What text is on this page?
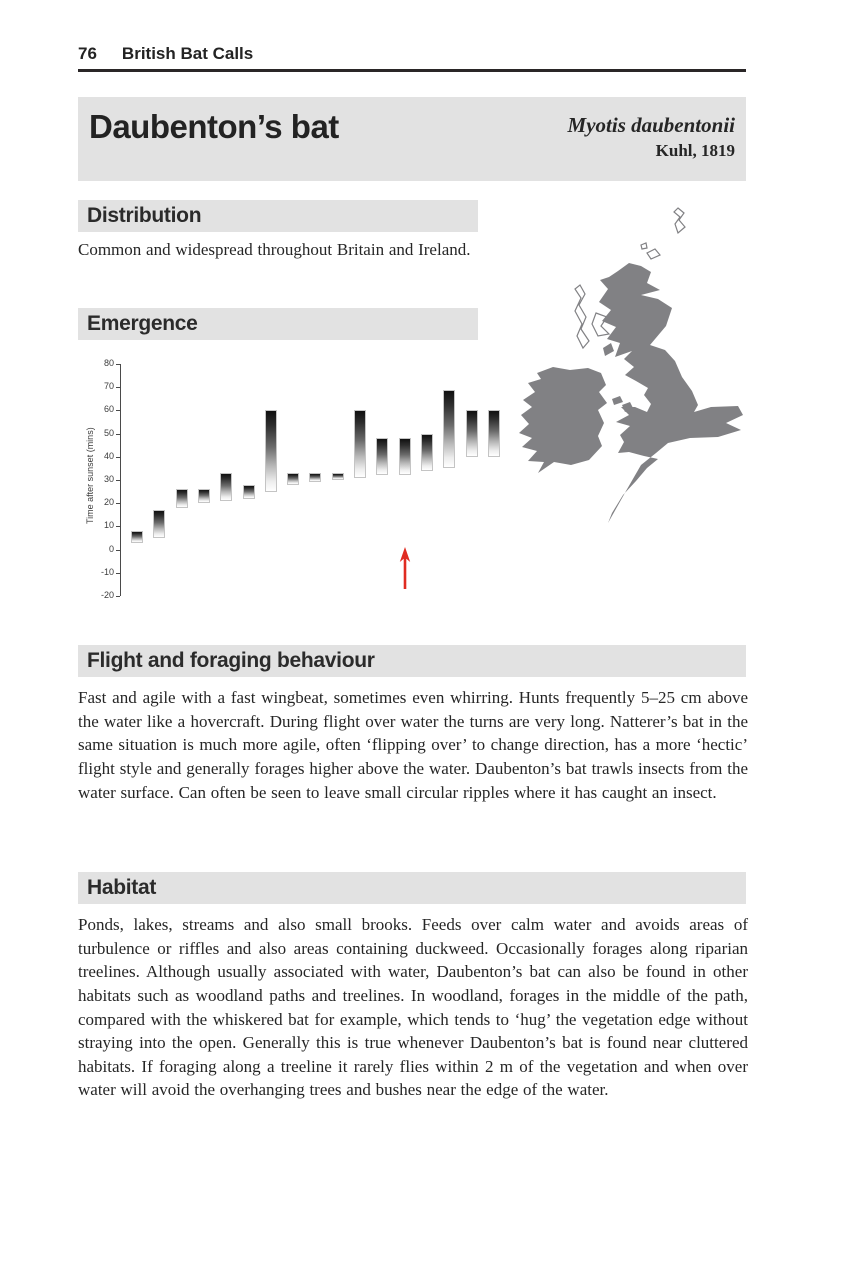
76 British Bat Calls
Daubenton’s bat	Myotis daubentonii
Kuhl, 1819
Distribution

Common and widespread throughout Britain and Ireland.

Emergence
Time after sunset (mins)
80
70
60
50
40
30
20
10
0
-10
-20
Flight and foraging behaviour

Fast and agile with a fast wingbeat, sometimes even whirring. Hunts frequently 5–25 cm above the water like a hovercraft. During flight over water the turns are very long. Natterer’s bat in the same situation is much more agile, often ‘flipping over’ to change direction, has a more ‘hectic’ flight style and generally forages higher above the water. Daubenton’s bat trawls insects from the water surface. Can often be seen to leave small circular ripples where it has caught an insect.

Habitat

Ponds, lakes, streams and also small brooks. Feeds over calm water and avoids areas of turbulence or riffles and also areas containing duckweed. Occasionally forages along riparian treelines. Although usually associated with water, Daubenton’s bat can also be found in other habitats such as woodland paths and treelines. In woodland, forages in the middle of the path, compared with the whiskered bat for example, which tends to ‘hug’ the vegetation edge without straying into the open. Generally this is true whenever Daubenton’s bat is found near cluttered habitats. If foraging along a treeline it rarely flies within 2 m of the vegetation and when over water will avoid the overhanging trees and bushes near the edge of the water.
